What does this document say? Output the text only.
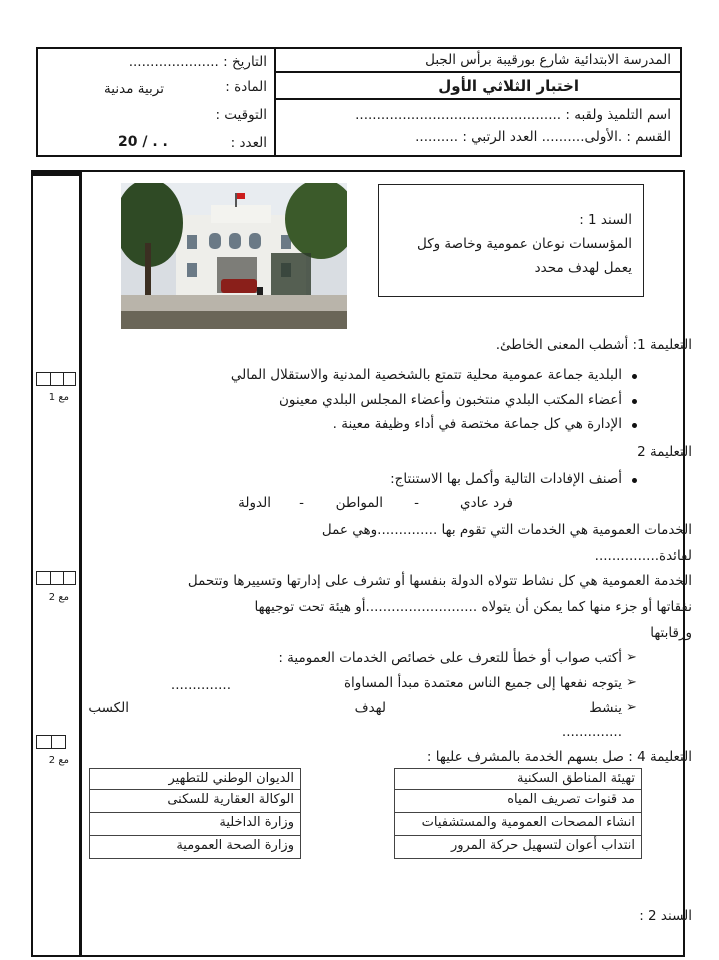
المدرسة الابتدائية شارع بورقيبة برأس الجبل
اختبار الثلاثي الأول
اسم التلميذ ولقبه : ................................................
القسم : .الأولى.......... العدد الرتبي : ..........
التاريخ : .....................
المادة :
تربية مدنية
التوقيت :
العدد :
20 / . .
مع 1
مع 2
مع 2
السند 1 :
المؤسسات نوعان عمومية وخاصة وكل
يعمل لهدف محدد
التعليمة 1: أشطب المعنى الخاطئ.
البلدية جماعة عمومية محلية تتمتع بالشخصية المدنية والاستقلال المالي
أعضاء المكتب البلدي منتخبون وأعضاء المجلس البلدي معينون
الإدارة هي كل جماعة مختصة في أداء وظيفة معينة .
التعليمة 2
أصنف الإفادات التالية وأكمل بها الاستنتاج:
فرد عادي
-
المواطن
-
الدولة
الخدمات العمومية هي الخدمات التي تقوم بها ..............وهي عمل
لفائدة...............
الخدمة العمومية هي كل نشاط تتولاه الدولة بنفسها أو تشرف على إدارتها وتسييرها وتتحمل
نفقاتها أو جزء منها كما يمكن أن يتولاه ..........................أو هيئة تحت توجيهها
ورقابتها
➢
أكتب صواب أو خطأ للتعرف على خصائص الخدمات العمومية :
➢
يتوجه نفعها إلى جميع الناس معتمدة مبدأ المساواة
..............
➢
ينشط
لهدف
الكسب
..............
التعليمة 4 : صل بسهم الخدمة بالمشرف عليها :
تهيئة المناطق السكنية
مد قنوات تصريف المياه
انشاء المصحات العمومية والمستشفيات
انتداب أعوان لتسهيل حركة المرور
الديوان الوطني للتطهير
الوكالة العقارية للسكنى
وزارة الداخلية
وزارة الصحة العمومية
السند 2 :
